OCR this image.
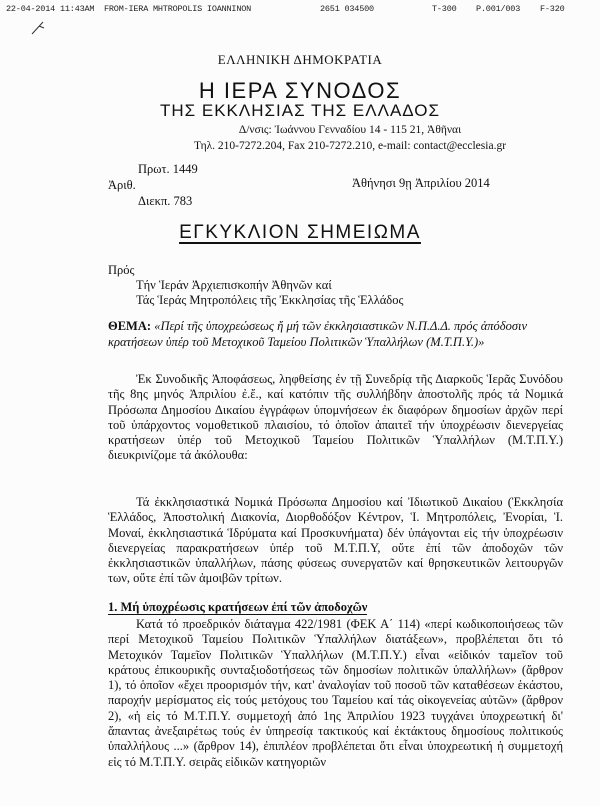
22-04-2014 11:43AM FROM-IERA MHTROPOLIS IOANNINON	2651 034500	T-300 P.001/003 F-320
ΕΛΛΗΝΙΚΗ ΔΗΜΟΚΡΑΤΙΑ
Η ΙΕΡΑ ΣΥΝΟΔΟΣ
ΤΗΣ ΕΚΚΛΗΣΙΑΣ ΤΗΣ ΕΛΛΑΔΟΣ
Δ/νσις: Ἰωάννου Γενναδίου 14 - 115 21, Ἀθῆναι
Τηλ. 210-7272.204, Fax 210-7272.210, e-mail: contact@ecclesia.gr
Πρωτ. 1449
Ἀριθ.
Διεκπ. 783
Ἀθήνησι 9ῃ Ἀπριλίου 2014
ΕΓΚΥΚΛΙΟΝ ΣΗΜΕΙΩΜΑ
Πρός
Τήν Ἱεράν Ἀρχιεπισκοπήν Ἀθηνῶν καί
Τάς Ἱεράς Μητροπόλεις τῆς Ἐκκλησίας τῆς Ἑλλάδος
ΘΕΜΑ: «Περί τῆς ὑποχρεώσεως ἤ μή τῶν ἐκκλησιαστικῶν Ν.Π.Δ.Δ. πρός ἀπόδοσιν κρατήσεων ὑπέρ τοῦ Μετοχικοῦ Ταμείου Πολιτικῶν Ὑπαλλήλων (Μ.Τ.Π.Υ.)»
Ἐκ Συνοδικῆς Ἀποφάσεως, ληφθείσης ἐν τῇ Συνεδρίᾳ τῆς Διαρκοῦς Ἱερᾶς Συνόδου τῆς 8ης μηνός Ἀπριλίου ἐ.ἔ., καί κατόπιν τῆς συλλήβδην ἀποστολῆς πρός τά Νομικά Πρόσωπα Δημοσίου Δικαίου ἐγγράφων ὑπομνήσεων ἐκ διαφόρων δημοσίων ἀρχῶν περί τοῦ ὑπάρχοντος νομοθετικοῦ πλαισίου, τό ὁποῖον ἀπαιτεῖ τήν ὑποχρέωσιν διενεργείας κρατήσεων ὑπέρ τοῦ Μετοχικοῦ Ταμείου Πολιτικῶν Ὑπαλλήλων (Μ.Τ.Π.Υ.) διευκρινίζομε τά ἀκόλουθα:
Τά ἐκκλησιαστικά Νομικά Πρόσωπα Δημοσίου καί Ἰδιωτικοῦ Δικαίου (Ἐκκλησία Ἑλλάδος, Ἀποστολική Διακονία, Διορθοδόξον Κέντρον, Ἱ. Μητροπόλεις, Ἐνορίαι, Ἱ. Μοναί, ἐκκλησιαστικά Ἱδρύματα καί Προσκυνήματα) δέν ὑπάγονται εἰς τήν ὑποχρέωσιν διενεργείας παρακρατήσεων ὑπέρ τοῦ Μ.Τ.Π.Υ, οὔτε ἐπί τῶν ἀποδοχῶν τῶν ἐκκλησιαστικῶν ὑπαλλήλων, πάσης φύσεως συνεργατῶν καί θρησκευτικῶν λειτουργῶν των, οὔτε ἐπί τῶν ἀμοιβῶν τρίτων.
1. Μή ὑποχρέωσις κρατήσεων ἐπί τῶν ἀποδοχῶν
Κατά τό προεδρικόν διάταγμα 422/1981 (ΦΕΚ Α΄ 114) «περί κωδικοποιήσεως τῶν περί Μετοχικοῦ Ταμείου Πολιτικῶν Ὑπαλλήλων διατάξεων», προβλέπεται ὅτι τό Μετοχικόν Ταμεῖον Πολιτικῶν Ὑπαλλήλων (Μ.Τ.Π.Υ.) εἶναι «εἰδικόν ταμεῖον τοῦ κράτους ἐπικουρικῆς συνταξιοδοτήσεως τῶν δημοσίων πολιτικῶν ὑπαλλήλων» (ἄρθρον 1), τό ὁποῖον «ἔχει προορισμόν τήν, κατ' ἀναλογίαν τοῦ ποσοῦ τῶν καταθέσεων ἑκάστου, παροχήν μερίσματος εἰς τούς μετόχους του Ταμείου καί τάς οἰκογενείας αὐτῶν» (ἄρθρον 2), «ἡ εἰς τό Μ.Τ.Π.Υ. συμμετοχή ἀπό 1ης Ἀπριλίου 1923 τυγχάνει ὑποχρεωτική δι' ἅπαντας ἀνεξαιρέτως τούς ἐν ὑπηρεσίᾳ τακτικούς καί ἐκτάκτους δημοσίους πολιτικούς ὑπαλλήλους ...» (ἄρθρον 14), ἐπιπλέον προβλέπεται ὅτι εἶναι ὑποχρεωτική ἡ συμμετοχή εἰς τό Μ.Τ.Π.Υ. σειρᾶς εἰδικῶν κατηγοριῶν
